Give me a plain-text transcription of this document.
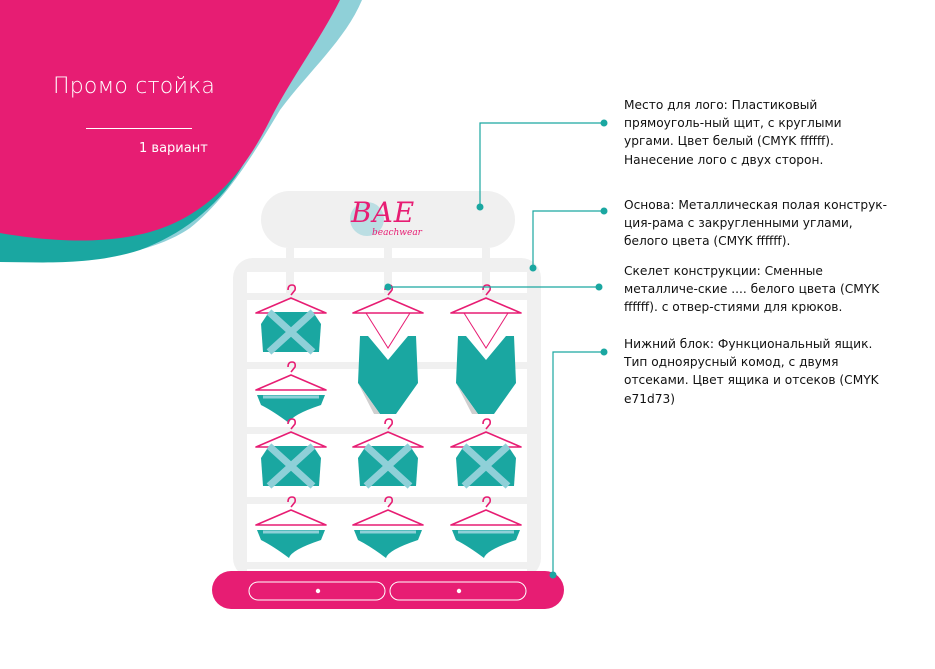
BAE
beachwear
Промо стойка
1 вариант
Место для лого: Пластиковый прямоуголь-ный щит, с круглыми ургами. Цвет белый (CMYK ffffff). Нанесение лого с двух сторон.
Основа: Металлическая полая конструк-ция-рама с закругленными углами, белого цвета (CMYK ffffff).
Скелет конструкции: Сменные металличе-ские .... белого цвета (CMYK ffffff). с отвер-стиями для крюков.
Нижний блок: Функциональный ящик. Тип одноярусный комод, с двумя отсеками. Цвет ящика и отсеков (CMYK e71d73)
